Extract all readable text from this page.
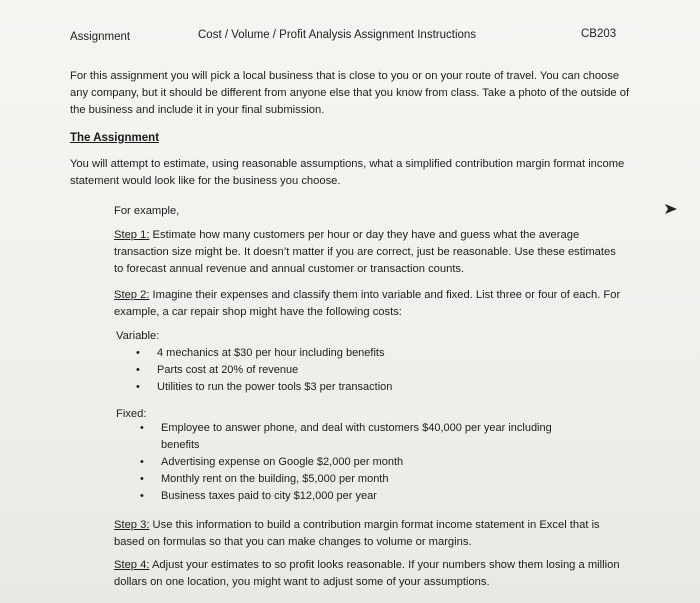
Assignment	Cost / Volume / Profit Analysis Assignment Instructions	CB203
For this assignment you will pick a local business that is close to you or on your route of travel. You can choose any company, but it should be different from anyone else that you know from class. Take a photo of the outside of the business and include it in your final submission.
The Assignment
You will attempt to estimate, using reasonable assumptions, what a simplified contribution margin format income statement would look like for the business you choose.
For example,
Step 1: Estimate how many customers per hour or day they have and guess what the average transaction size might be. It doesn’t matter if you are correct, just be reasonable. Use these estimates to forecast annual revenue and annual customer or transaction counts.
Step 2: Imagine their expenses and classify them into variable and fixed. List three or four of each. For example, a car repair shop might have the following costs:
Variable:
• 4 mechanics at $30 per hour including benefits
• Parts cost at 20% of revenue
• Utilities to run the power tools $3 per transaction
Fixed:
• Employee to answer phone, and deal with customers $40,000 per year including benefits
• Advertising expense on Google $2,000 per month
• Monthly rent on the building, $5,000 per month
• Business taxes paid to city $12,000 per year
Step 3: Use this information to build a contribution margin format income statement in Excel that is based on formulas so that you can make changes to volume or margins.
Step 4: Adjust your estimates to so profit looks reasonable. If your numbers show them losing a million dollars on one location, you might want to adjust some of your assumptions.
